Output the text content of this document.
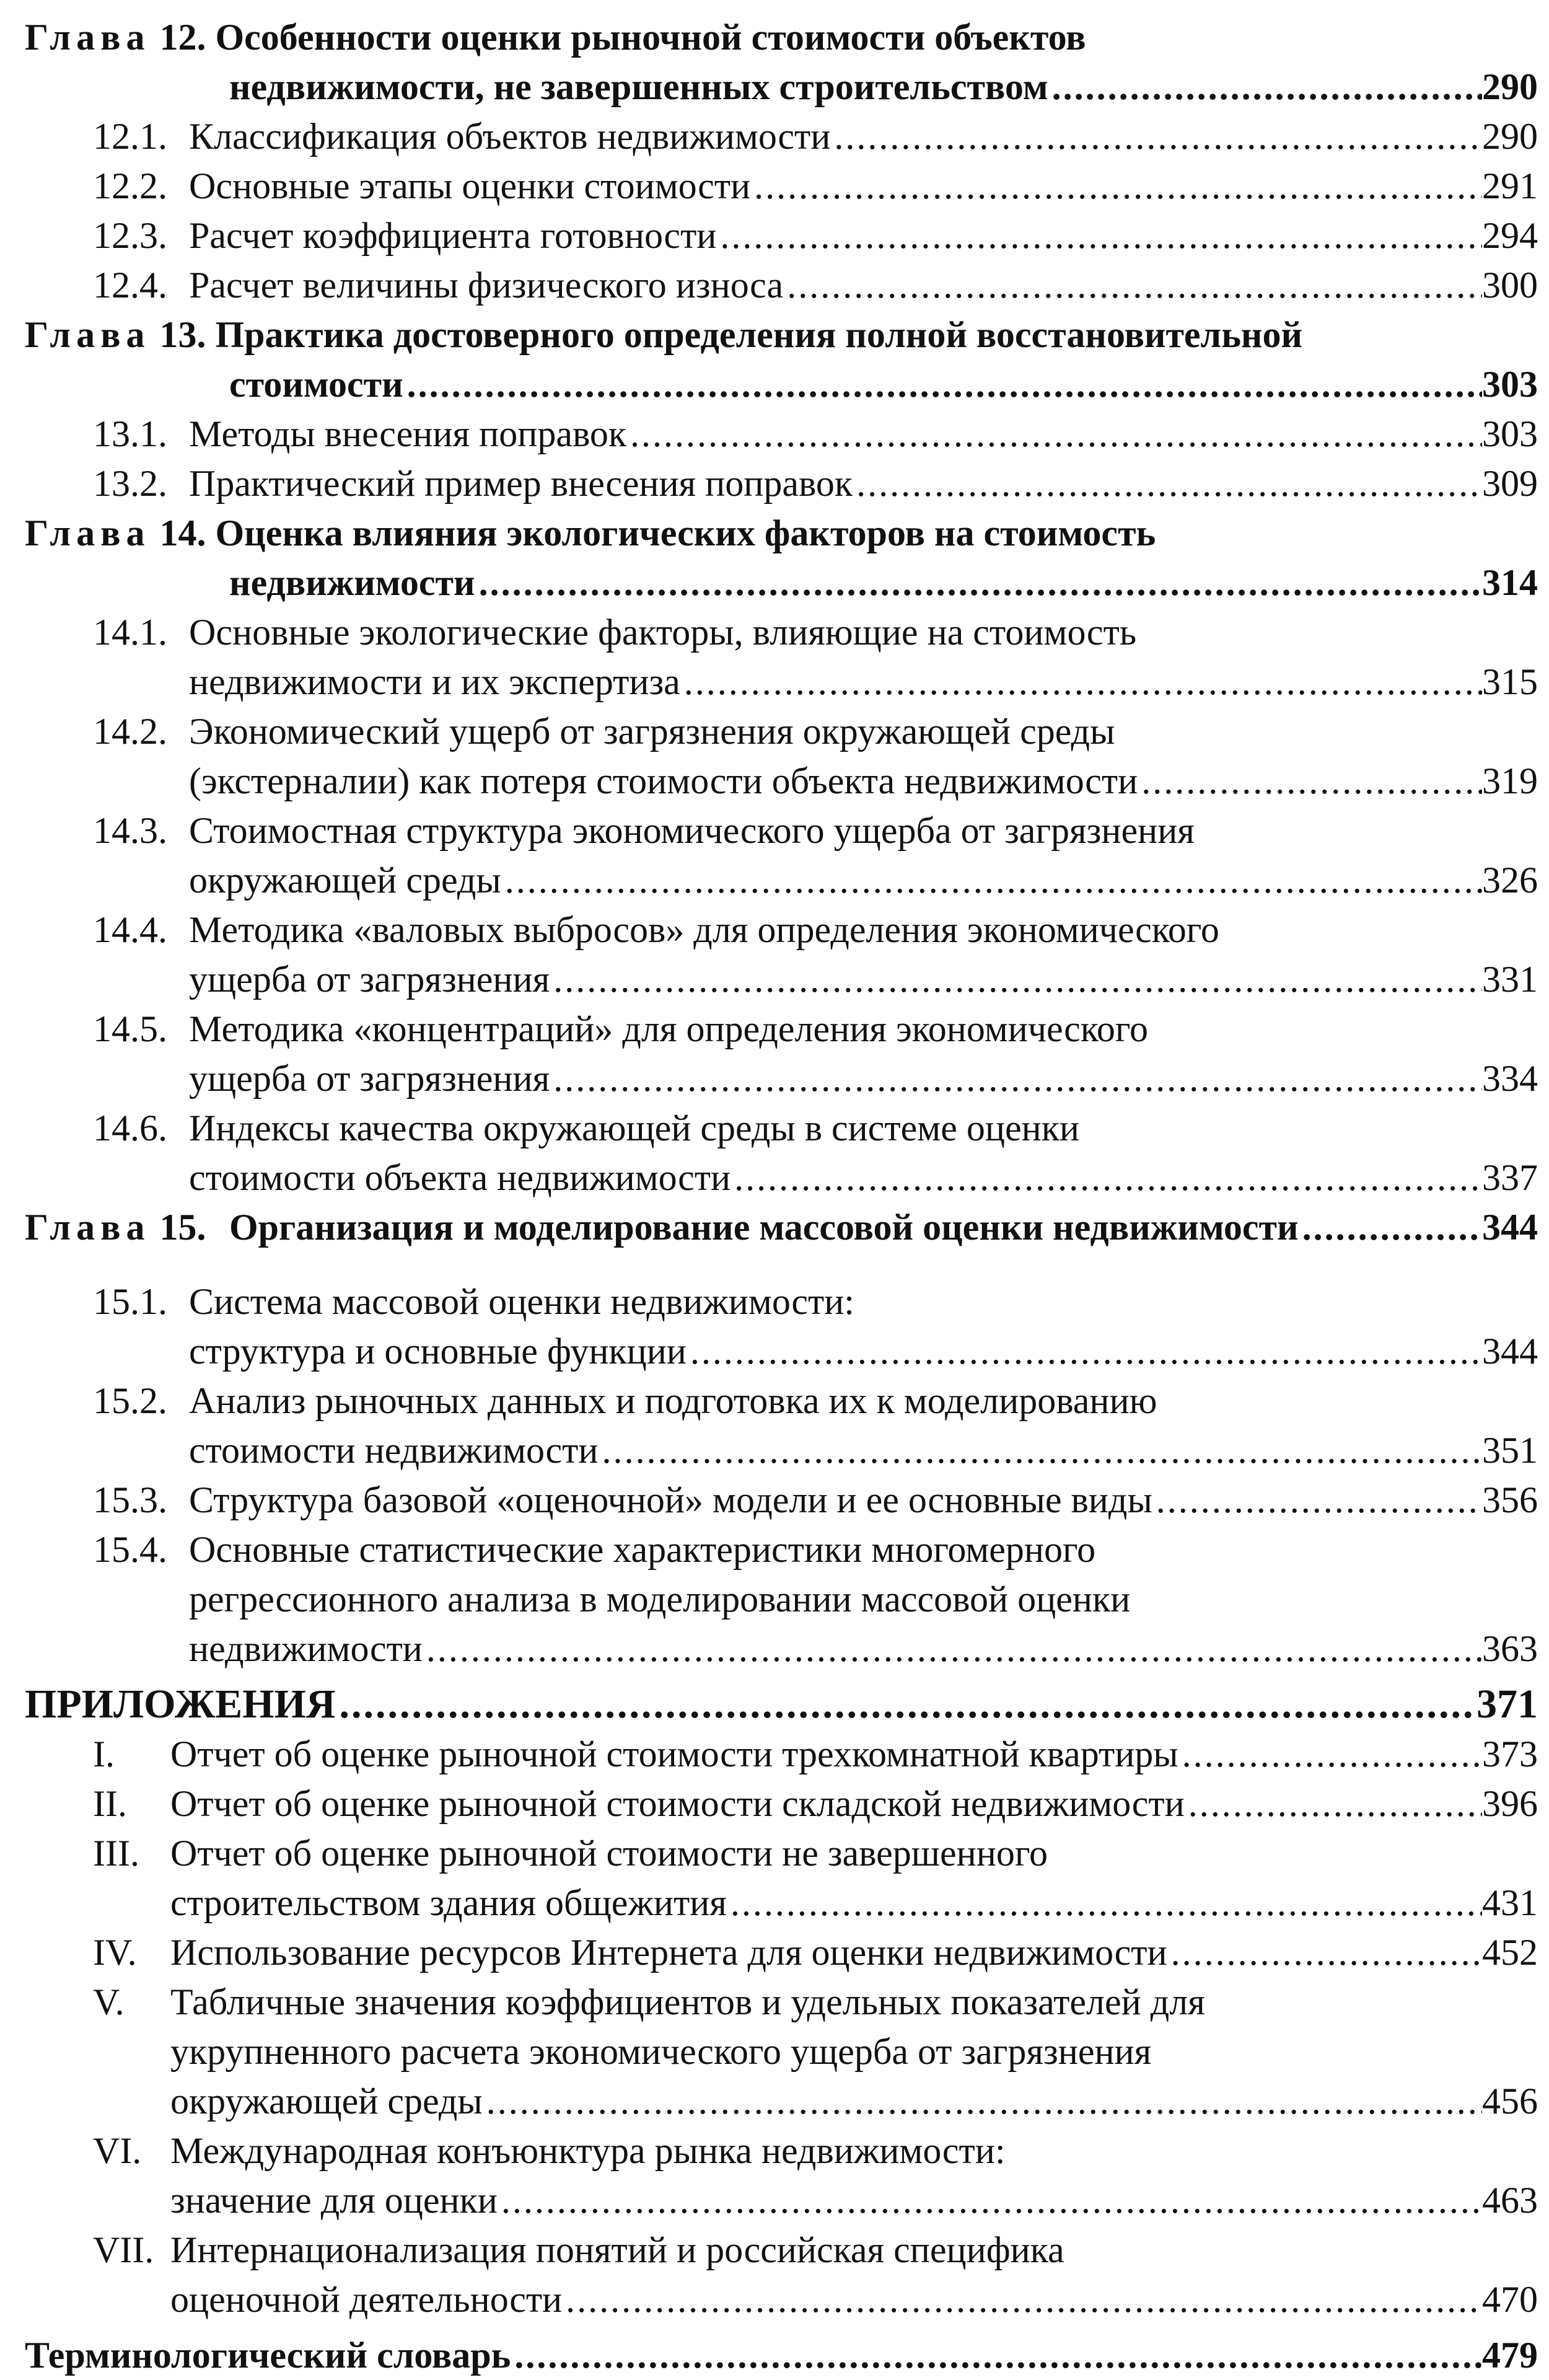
Глава 12. Особенности оценки рыночной стоимости объектов
недвижимости, не завершенных строительством .....	290
12.1. Классификация объектов недвижимости .....	290
12.2. Основные этапы оценки стоимости .....	291
12.3. Расчет коэффициента готовности .....	294
12.4. Расчет величины физического износа .....	300
Глава 13. Практика достоверного определения полной восстановительной
стоимости .....	303
13.1. Методы внесения поправок .....	303
13.2. Практический пример внесения поправок .....	309
Глава 14. Оценка влияния экологических факторов на стоимость
недвижимости .....	314
14.1. Основные экологические факторы, влияющие на стоимость
недвижимости и их экспертиза .....	315
14.2. Экономический ущерб от загрязнения окружающей среды
(экстерналии) как потеря стоимости объекта недвижимости .....	319
14.3. Стоимостная структура экономического ущерба от загрязнения
окружающей среды .....	326
14.4. Методика «валовых выбросов» для определения экономического
ущерба от загрязнения .....	331
14.5. Методика «концентраций» для определения экономического
ущерба от загрязнения .....	334
14.6. Индексы качества окружающей среды в системе оценки
стоимости объекта недвижимости .....	337
Глава 15. Организация и моделирование массовой оценки недвижимости .....	344
15.1. Система массовой оценки недвижимости:
структура и основные функции .....	344
15.2. Анализ рыночных данных и подготовка их к моделированию
стоимости недвижимости .....	351
15.3. Структура базовой «оценочной» модели и ее основные виды .....	356
15.4. Основные статистические характеристики многомерного
регрессионного анализа в моделировании массовой оценки
недвижимости .....	363
ПРИЛОЖЕНИЯ .....	371
I. Отчет об оценке рыночной стоимости трехкомнатной квартиры .....	373
II. Отчет об оценке рыночной стоимости складской недвижимости .....	396
III. Отчет об оценке рыночной стоимости не завершенного
строительством здания общежития .....	431
IV. Использование ресурсов Интернета для оценки недвижимости .....	452
V. Табличные значения коэффициентов и удельных показателей для
укрупненного расчета экономического ущерба от загрязнения
окружающей среды .....	456
VI. Международная конъюнктура рынка недвижимости:
значение для оценки .....	463
VII. Интернационализация понятий и российская специфика
оценочной деятельности .....	470
Терминологический словарь .....	479
